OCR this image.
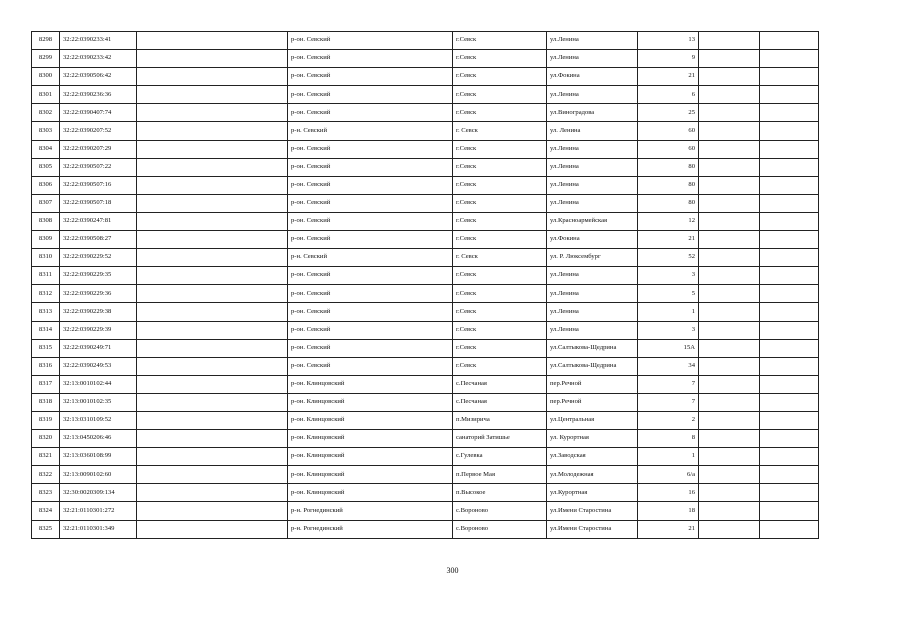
8298	32:22:0390233:41		р-он. Севский	г.Севск	ул.Ленина	13		
8299	32:22:0390233:42		р-он. Севский	г.Севск	ул.Ленина	9		
8300	32:22:0390506:42		р-он. Севский	г.Севск	ул.Фокина	21		
8301	32:22:0390236:36		р-он. Севский	г.Севск	ул.Ленина	6		
8302	32:22:0390407:74		р-он. Севский	г.Севск	ул.Виноградова	25		
8303	32:22:0390207:52		р-н. Севский	г. Севск	ул. Ленина	60		
8304	32:22:0390207:29		р-он. Севский	г.Севск	ул.Ленина	60		
8305	32:22:0390507:22		р-он. Севский	г.Севск	ул.Ленина	80		
8306	32:22:0390507:16		р-он. Севский	г.Севск	ул.Ленина	80		
8307	32:22:0390507:18		р-он. Севский	г.Севск	ул.Ленина	80		
8308	32:22:0390247:81		р-он. Севский	г.Севск	ул.Красноармейская	12		
8309	32:22:0390508:27		р-он. Севский	г.Севск	ул.Фокина	21		
8310	32:22:0390229:52		р-н. Севский	г. Севск	ул. Р. Люксембург	52		
8311	32:22:0390229:35		р-он. Севский	г.Севск	ул.Ленина	3		
8312	32:22:0390229:36		р-он. Севский	г.Севск	ул.Ленина	5		
8313	32:22:0390229:38		р-он. Севский	г.Севск	ул.Ленина	1		
8314	32:22:0390229:39		р-он. Севский	г.Севск	ул.Ленина	3		
8315	32:22:0390249:71		р-он. Севский	г.Севск	ул.Салтыкова-Щедрина	15А		
8316	32:22:0390249:53		р-он. Севский	г.Севск	ул.Салтыкова-Щедрина	34		
8317	32:13:0010102:44		р-он. Клинцовский	с.Песчаная	пер.Речной	7		
8318	32:13:0010102:35		р-он. Клинцовский	с.Песчаная	пер.Речной	7		
8319	32:13:0310109:52		р-он. Клинцовский	п.Мизирича	ул.Центральная	2		
8320	32:13:0450206:46		р-он. Клинцовский	санаторий Затишье	ул. Курортная	8		
8321	32:13:0360108:99		р-он. Клинцовский	с.Гулевка	ул.Заводская	1		
8322	32:13:0090102:60		р-он. Клинцовский	п.Первое Мая	ул.Молодежная	6/a		
8323	32:30:0020309:134		р-он. Клинцовский	п.Высокое	ул.Курортная	16		
8324	32:21:0110301:272		р-н. Рогнединский	с.Вороново	ул.Имени Старостина	18		
8325	32:21:0110301:349		р-н. Рогнединский	с.Вороново	ул.Имени Старостина	21		
300
